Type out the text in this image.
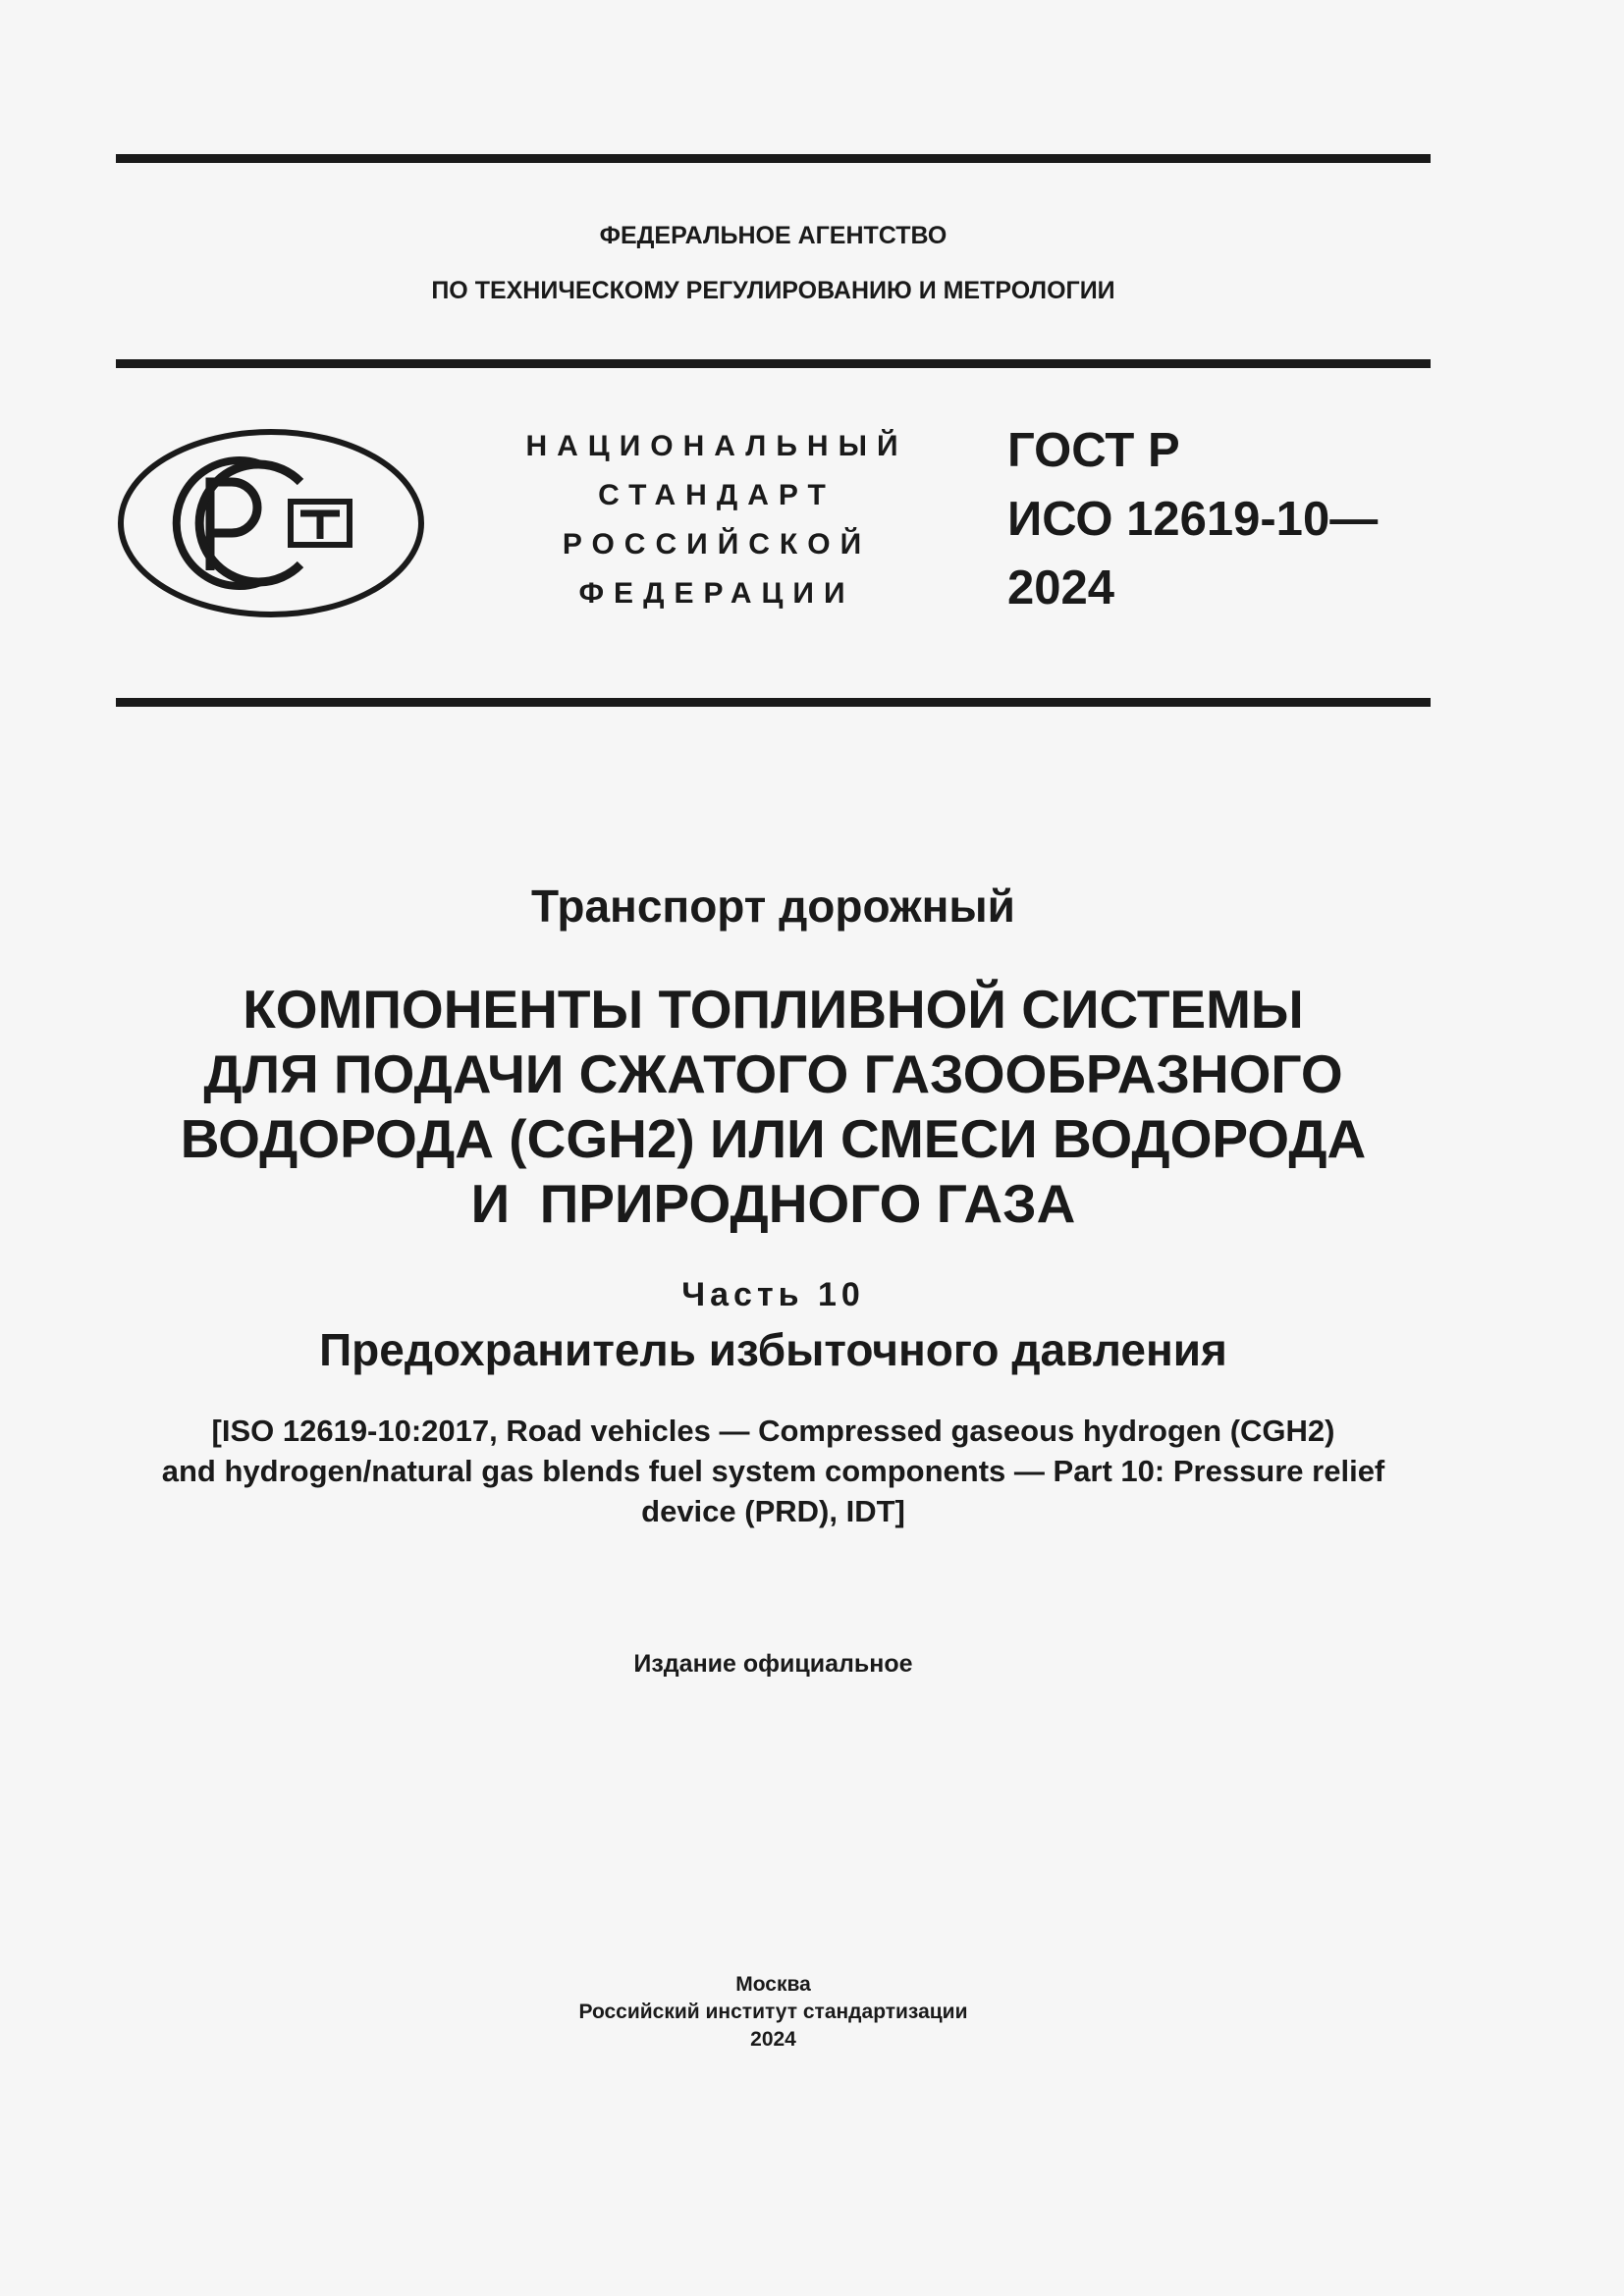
ФЕДЕРАЛЬНОЕ АГЕНТСТВО
ПО ТЕХНИЧЕСКОМУ РЕГУЛИРОВАНИЮ И МЕТРОЛОГИИ
НАЦИОНАЛЬНЫЙ
СТАНДАРТ
РОССИЙСКОЙ
ФЕДЕРАЦИИ
ГОСТ Р
ИСО 12619-10—
2024
Транспорт дорожный
КОМПОНЕНТЫ ТОПЛИВНОЙ СИСТЕМЫ
ДЛЯ ПОДАЧИ СЖАТОГО ГАЗООБРАЗНОГО
ВОДОРОДА (CGH2) ИЛИ СМЕСИ ВОДОРОДА
И  ПРИРОДНОГО ГАЗА
Часть 10
Предохранитель избыточного давления
[ISO 12619-10:2017, Road vehicles — Compressed gaseous hydrogen (CGH2)
and hydrogen/natural gas blends fuel system components — Part 10: Pressure relief
device (PRD), IDT]
Издание официальное
Москва
Российский институт стандартизации
2024
